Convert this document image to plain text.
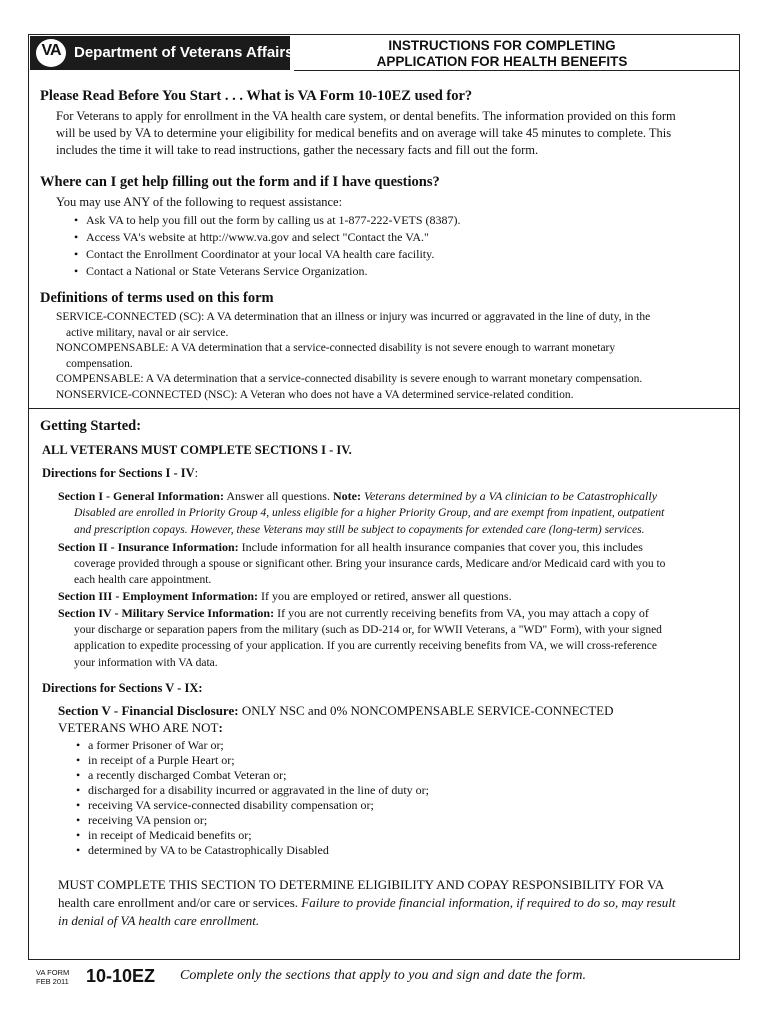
VA Department of Veterans Affairs	INSTRUCTIONS FOR COMPLETING
APPLICATION FOR HEALTH BENEFITS
Please Read Before You Start . . . What is VA Form 10-10EZ used for?
For Veterans to apply for enrollment in the VA health care system, or dental benefits. The information provided on this form
will be used by VA to determine your eligibility for medical benefits and on average will take 45 minutes to complete. This
includes the time it will take to read instructions, gather the necessary facts and fill out the form.
Where can I get help filling out the form and if I have questions?
You may use ANY of the following to request assistance:
• Ask VA to help you fill out the form by calling us at 1-877-222-VETS (8387).
• Access VA's website at http://www.va.gov and select "Contact the VA."
• Contact the Enrollment Coordinator at your local VA health care facility.
• Contact a National or State Veterans Service Organization.
Definitions of terms used on this form
SERVICE-CONNECTED (SC): A VA determination that an illness or injury was incurred or aggravated in the line of duty, in the
active military, naval or air service.
NONCOMPENSABLE: A VA determination that a service-connected disability is not severe enough to warrant monetary
compensation.
COMPENSABLE: A VA determination that a service-connected disability is severe enough to warrant monetary compensation.
NONSERVICE-CONNECTED (NSC): A Veteran who does not have a VA determined service-related condition.
Getting Started:
ALL VETERANS MUST COMPLETE SECTIONS I - IV.
Directions for Sections I - IV:
Section I - General Information: Answer all questions. Note: Veterans determined by a VA clinician to be Catastrophically
Disabled are enrolled in Priority Group 4, unless eligible for a higher Priority Group, and are exempt from inpatient, outpatient
and prescription copays. However, these Veterans may still be subject to copayments for extended care (long-term) services.
Section II - Insurance Information: Include information for all health insurance companies that cover you, this includes
coverage provided through a spouse or significant other. Bring your insurance cards, Medicare and/or Medicaid card with you to
each health care appointment.
Section III - Employment Information: If you are employed or retired, answer all questions.
Section IV - Military Service Information: If you are not currently receiving benefits from VA, you may attach a copy of
your discharge or separation papers from the military (such as DD-214 or, for WWII Veterans, a "WD" Form), with your signed
application to expedite processing of your application. If you are currently receiving benefits from VA, we will cross-reference
your information with VA data.
Directions for Sections V - IX:
Section V - Financial Disclosure: ONLY NSC and 0% NONCOMPENSABLE SERVICE-CONNECTED
VETERANS WHO ARE NOT:
• a former Prisoner of War or;
• in receipt of a Purple Heart or;
• a recently discharged Combat Veteran or;
• discharged for a disability incurred or aggravated in the line of duty or;
• receiving VA service-connected disability compensation or;
• receiving VA pension or;
• in receipt of Medicaid benefits or;
• determined by VA to be Catastrophically Disabled
MUST COMPLETE THIS SECTION TO DETERMINE ELIGIBILITY AND COPAY RESPONSIBILITY FOR VA
health care enrollment and/or care or services. Failure to provide financial information, if required to do so, may result
in denial of VA health care enrollment.
VA FORM
FEB 2011 10-10EZ Complete only the sections that apply to you and sign and date the form.
